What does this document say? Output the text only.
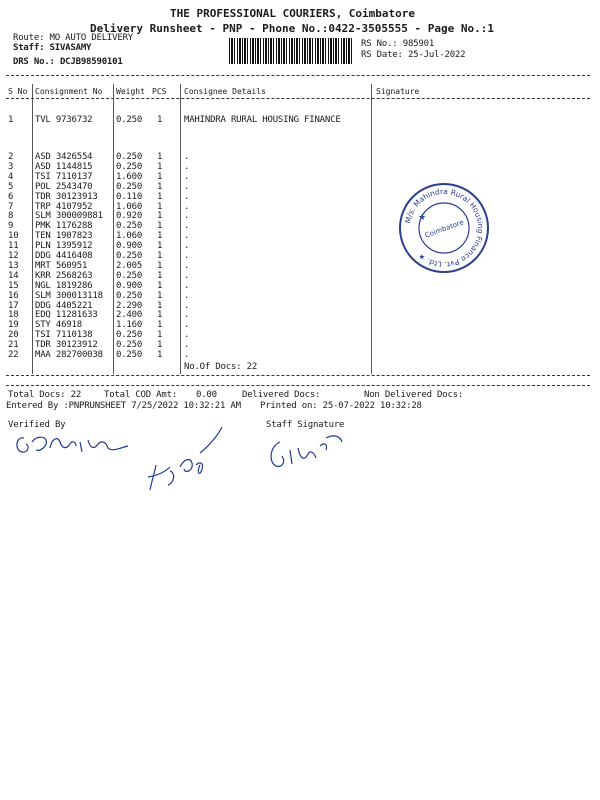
THE PROFESSIONAL COURIERS, Coimbatore
Delivery Runsheet - PNP - Phone No.:0422-3505555 - Page No.:1
Route: MO AUTO DELIVERY
Staff: SIVASAMY
DRS No.: DCJB98590101
RS No.: 985901
RS Date: 25-Jul-2022
S No Consignment No Weight PCS Consignee Details	Signature
1 TVL 9736732	0.250 1 MAHINDRA RURAL HOUSING FINANCE
2 ASD 3426554	0.250 1 .
3 ASD 1144815	0.250 1 .
4 TSI 7110137	1.600 1 .
5 POL 2543470	0.250 1 .
6 TDR 30123913 0.110 1 .
7 TRP 4107952	1.060 1 .
8 SLM 300009881 0.920 1 .
9 PMK 1176288	0.250 1 .
10 TEN 1907823	1.060 1 .
11 PLN 1395912	0.900 1 .
12 DDG 4416408	0.250 1 .
13 MRT 560951	2.005 1 .
14 KRR 2568263	0.250 1 .
15 NGL 1819286	0.900 1 .
16 SLM 300013118 0.250 1 .
17 DDG 4405221	2.290 1 .
18 EDQ 11281633 2.400 1 .
19 STY 46918	1.160 1 .
20 TSI 7110138	0.250 1 .
21 TDR 30123912 0.250 1 .
22 MAA 282700038 0.250 1 .
No.Of Docs: 22
Total Docs: 22	Total COD Amt: 0.00	Delivered Docs:	Non Delivered Docs:
Entered By :PNPRUNSHEET 7/25/2022 10:32:21 AM Printed on: 25-07-2022 10:32:28
Verified By	Staff Signature
M/s. Mahindra Rural Housing Finance Pvt. Ltd. ★
Coimbatore
★
